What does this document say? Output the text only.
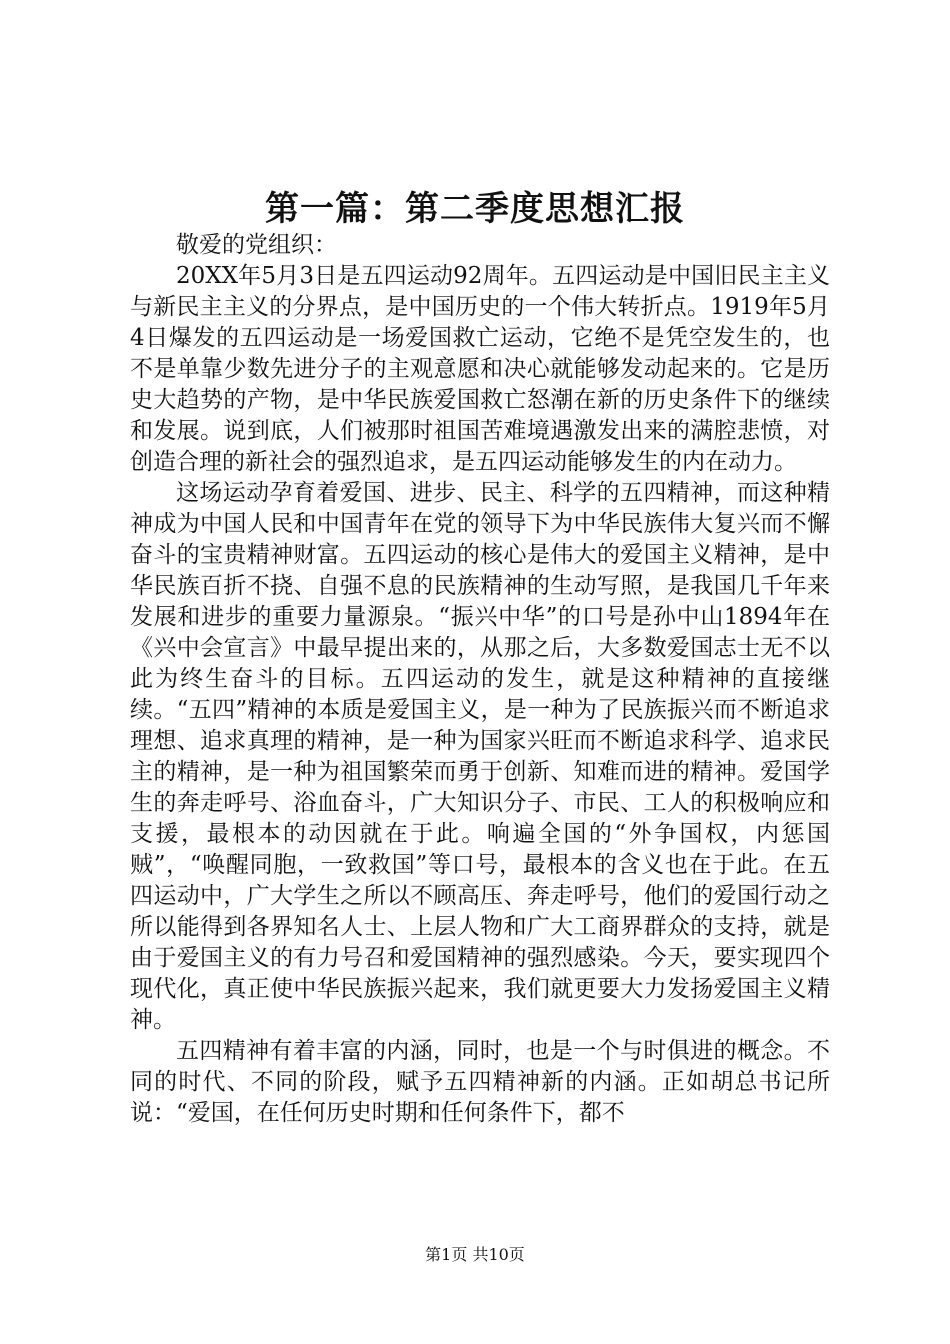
第一篇：第二季度思想汇报

敬爱的党组织：

20XX年5月3日是五四运动92周年。五四运动是中国旧民主主义与新民主主义的分界点，是中国历史的一个伟大转折点。1919年5月4日爆发的五四运动是一场爱国救亡运动，它绝不是凭空发生的，也不是单靠少数先进分子的主观意愿和决心就能够发动起来的。它是历史大趋势的产物，是中华民族爱国救亡怒潮在新的历史条件下的继续和发展。说到底，人们被那时祖国苦难境遇激发出来的满腔悲愤，对创造合理的新社会的强烈追求，是五四运动能够发生的内在动力。

这场运动孕育着爱国、进步、民主、科学的五四精神，而这种精神成为中国人民和中国青年在党的领导下为中华民族伟大复兴而不懈奋斗的宝贵精神财富。五四运动的核心是伟大的爱国主义精神，是中华民族百折不挠、自强不息的民族精神的生动写照，是我国几千年来发展和进步的重要力量源泉。“振兴中华”的口号是孙中山1894年在《兴中会宣言》中最早提出来的，从那之后，大多数爱国志士无不以此为终生奋斗的目标。五四运动的发生，就是这种精神的直接继续。“五四”精神的本质是爱国主义，是一种为了民族振兴而不断追求理想、追求真理的精神，是一种为国家兴旺而不断追求科学、追求民主的精神，是一种为祖国繁荣而勇于创新、知难而进的精神。爱国学生的奔走呼号、浴血奋斗，广大知识分子、市民、工人的积极响应和支援，最根本的动因就在于此。响遍全国的“外争国权，内惩国贼”，“唤醒同胞，一致救国”等口号，最根本的含义也在于此。在五四运动中，广大学生之所以不顾高压、奔走呼号，他们的爱国行动之所以能得到各界知名人士、上层人物和广大工商界群众的支持，就是由于爱国主义的有力号召和爱国精神的强烈感染。今天，要实现四个现代化，真正使中华民族振兴起来，我们就更要大力发扬爱国主义精神。

五四精神有着丰富的内涵，同时，也是一个与时俱进的概念。不同的时代、不同的阶段，赋予五四精神新的内涵。正如胡总书记所说：“爱国，在任何历史时期和任何条件下，都不

第1页 共10页
